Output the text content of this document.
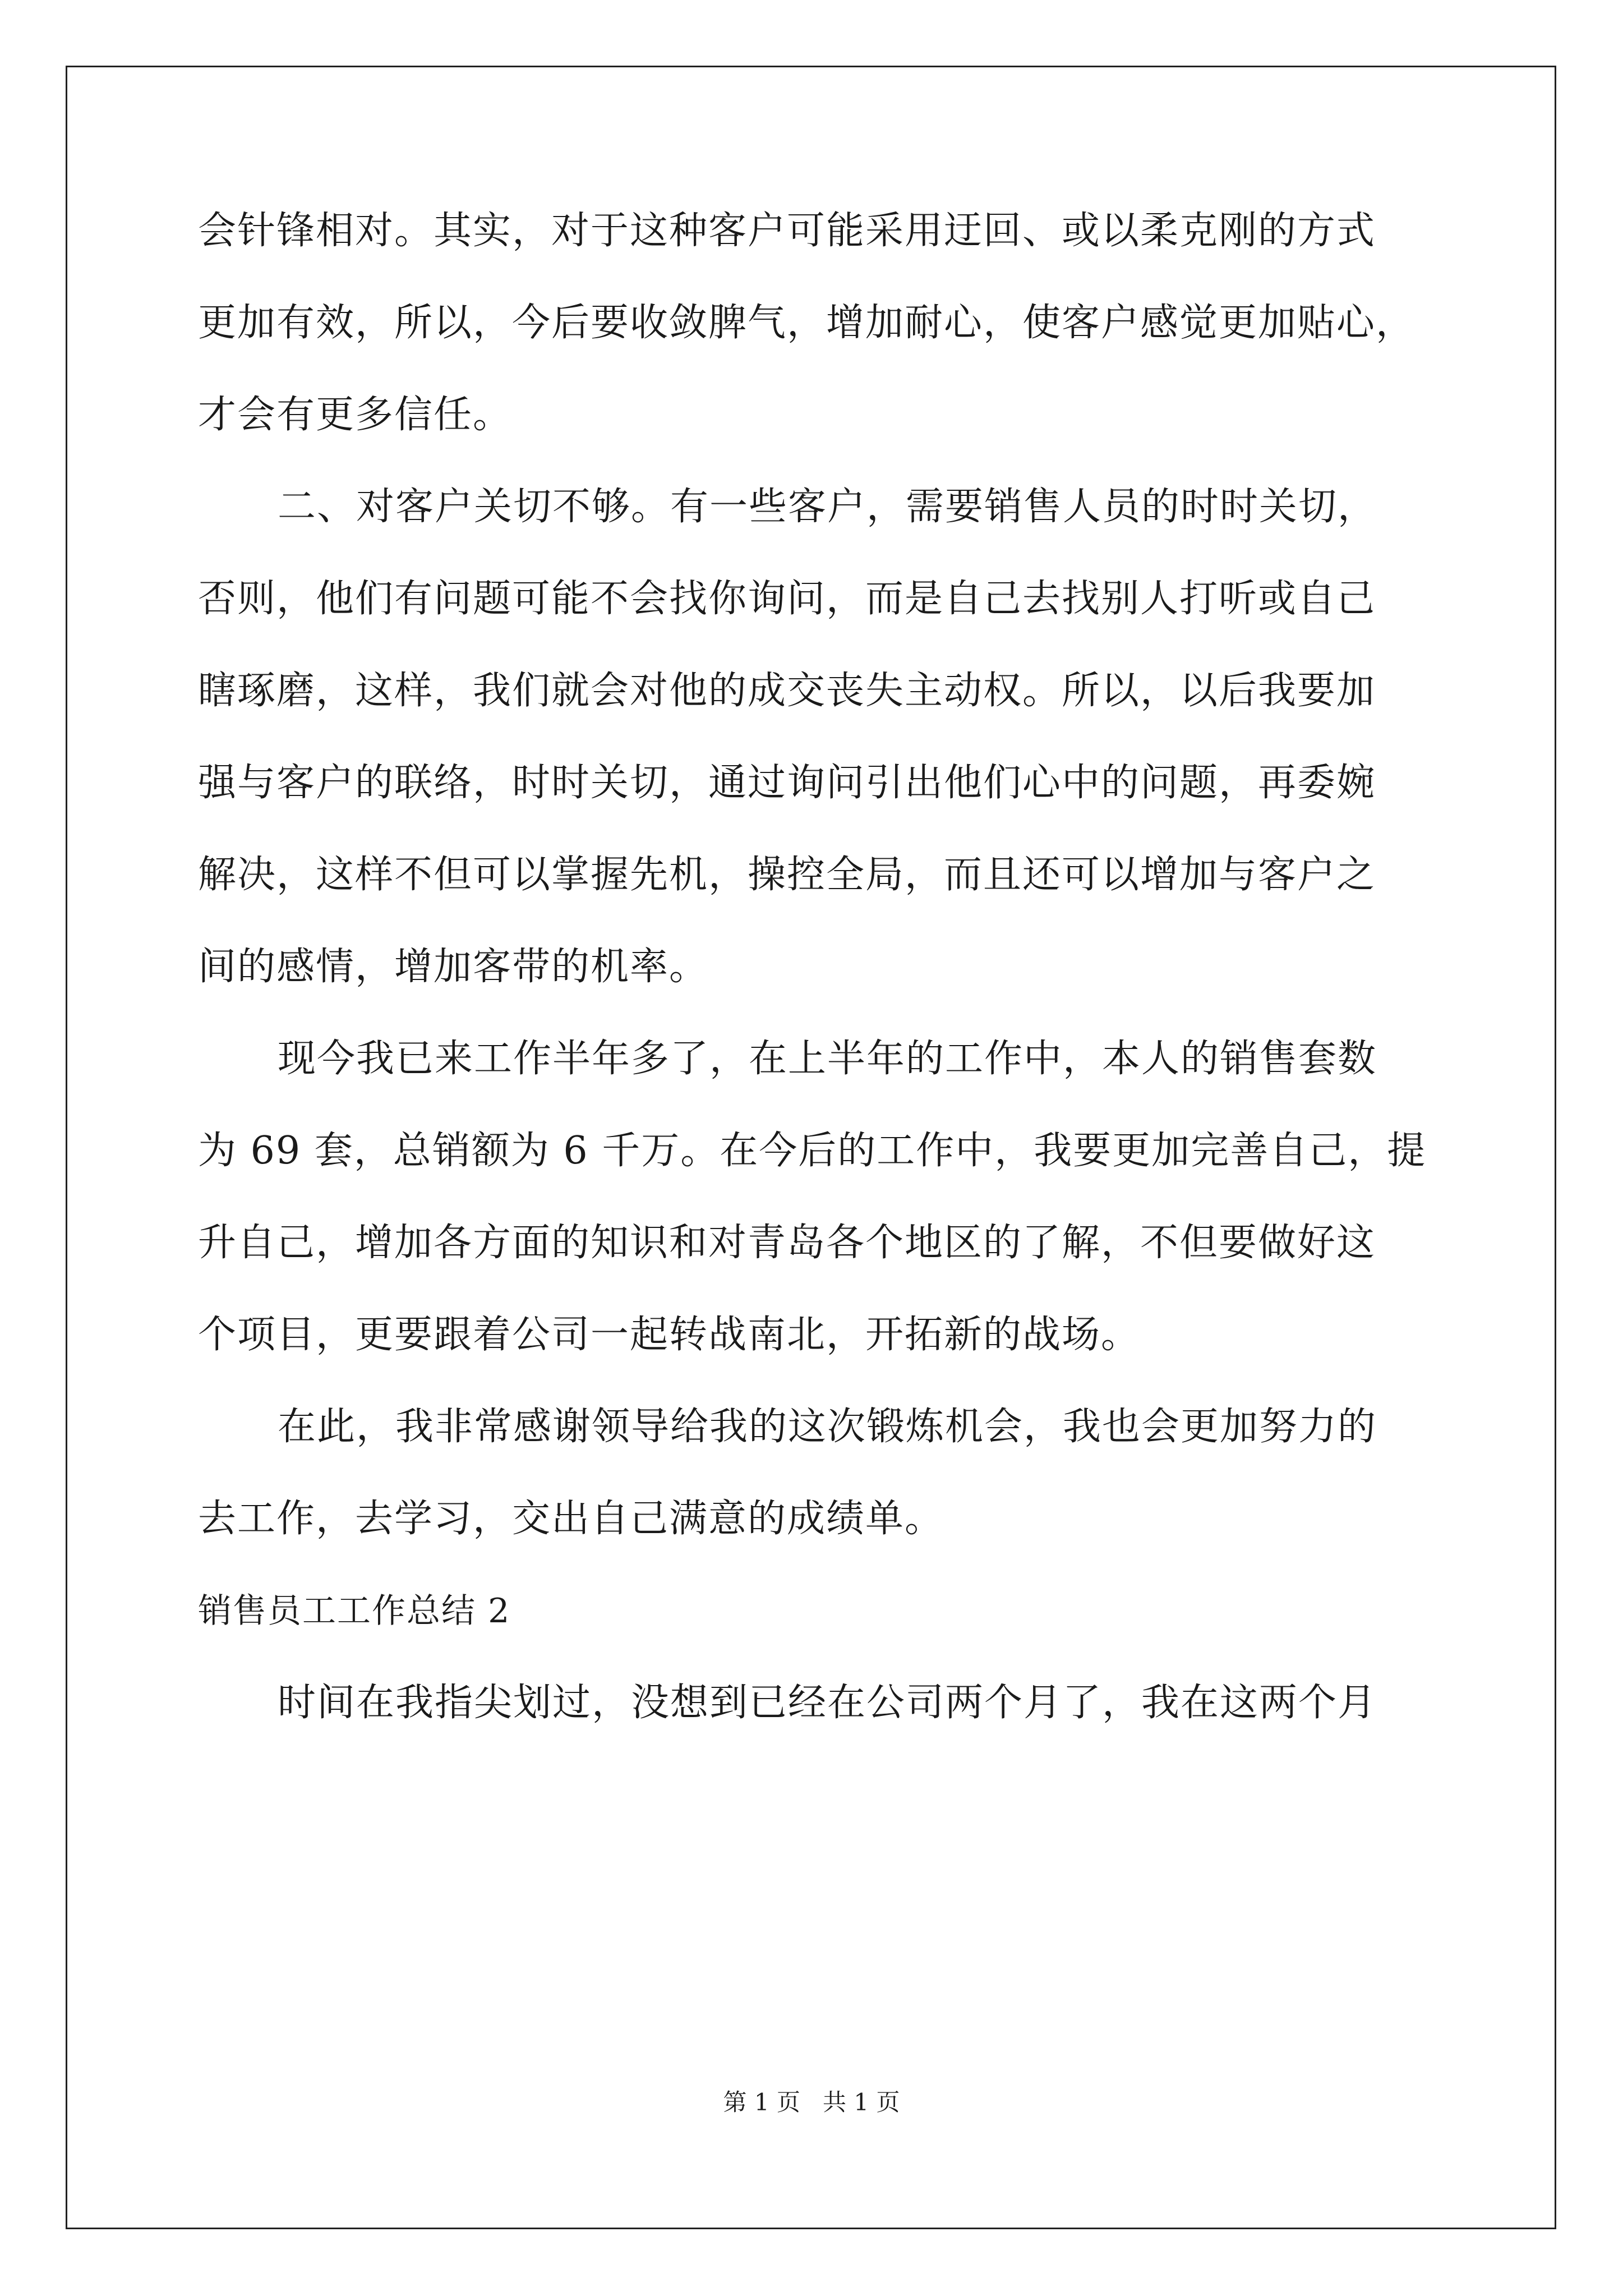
会针锋相对。其实，对于这种客户可能采用迂回、或以柔克刚的方式
更加有效，所以，今后要收敛脾气，增加耐心，使客户感觉更加贴心，
才会有更多信任。
二、对客户关切不够。有一些客户，需要销售人员的时时关切，
否则，他们有问题可能不会找你询问，而是自己去找别人打听或自己
瞎琢磨，这样，我们就会对他的成交丧失主动权。所以，以后我要加
强与客户的联络，时时关切，通过询问引出他们心中的问题，再委婉
解决，这样不但可以掌握先机，操控全局，而且还可以增加与客户之
间的感情，增加客带的机率。
现今我已来工作半年多了，在上半年的工作中，本人的销售套数
为 69 套，总销额为 6 千万。在今后的工作中，我要更加完善自己，提
升自己，增加各方面的知识和对青岛各个地区的了解，不但要做好这
个项目，更要跟着公司一起转战南北，开拓新的战场。
在此，我非常感谢领导给我的这次锻炼机会，我也会更加努力的
去工作，去学习，交出自己满意的成绩单。
销售员工工作总结 2
时间在我指尖划过，没想到已经在公司两个月了，我在这两个月
第 1 页   共 1 页
